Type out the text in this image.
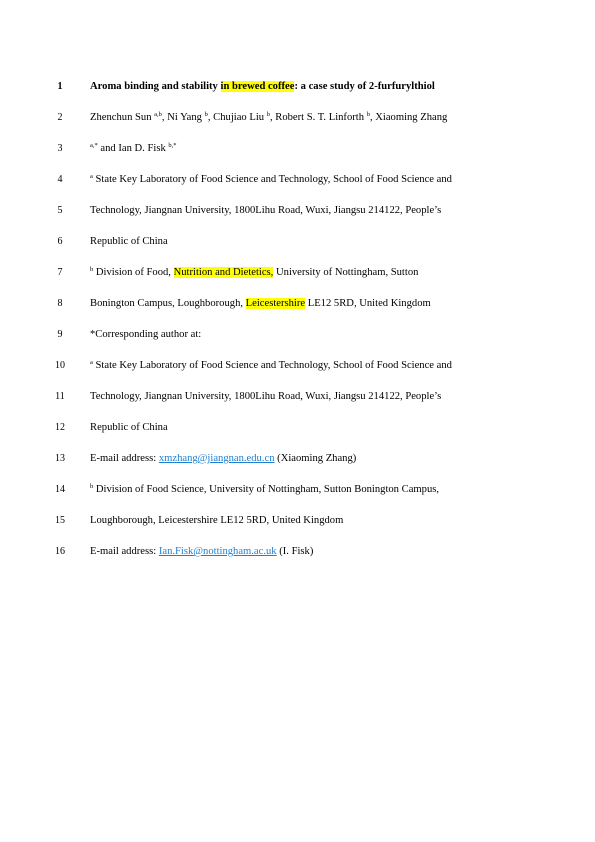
1	Aroma binding and stability in brewed coffee: a case study of 2-furfurylthiol
2	Zhenchun Sun $^{a,b}$, Ni Yang $^b$, Chujiao Liu $^b$, Robert S. T. Linforth $^b$, Xiaoming Zhang
3	$^{a,*}$ and Ian D. Fisk $^{b,*}$
4	$^a$ State Key Laboratory of Food Science and Technology, School of Food Science and
5	Technology, Jiangnan University, 1800Lihu Road, Wuxi, Jiangsu 214122, People’s
6	Republic of China
7	$^b$ Division of Food, Nutrition and Dietetics, University of Nottingham, Sutton
8	Bonington Campus, Loughborough, Leicestershire LE12 5RD, United Kingdom
9	*Corresponding author at:
10	$^a$ State Key Laboratory of Food Science and Technology, School of Food Science and
11	Technology, Jiangnan University, 1800Lihu Road, Wuxi, Jiangsu 214122, People’s
12	Republic of China
13	E-mail address: xmzhang@jiangnan.edu.cn (Xiaoming Zhang)
14	$^b$ Division of Food Science, University of Nottingham, Sutton Bonington Campus,
15	Loughborough, Leicestershire LE12 5RD, United Kingdom
16	E-mail address: Ian.Fisk@nottingham.ac.uk (I. Fisk)
